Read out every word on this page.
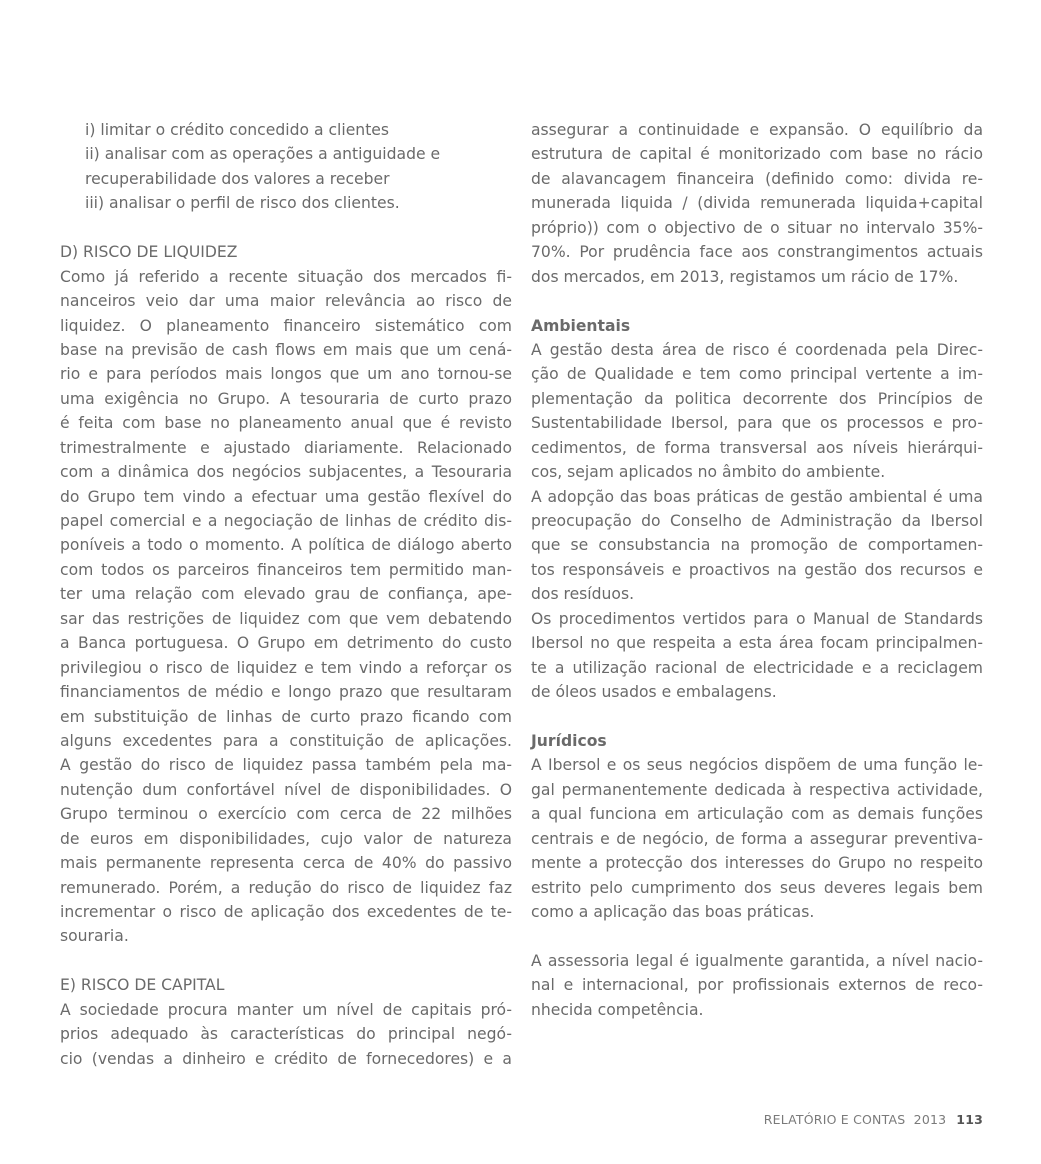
i) limitar o crédito concedido a clientes
ii) analisar com as operações a antiguidade e
recuperabilidade dos valores a receber
iii) analisar o perfil de risco dos clientes.
D) RISCO DE LIQUIDEZ
Como já referido a recente situação dos mercados fi-
nanceiros veio dar uma maior relevância ao risco de
liquidez. O planeamento financeiro sistemático com
base na previsão de cash flows em mais que um cená-
rio e para períodos mais longos que um ano tornou-se
uma exigência no Grupo. A tesouraria de curto prazo
é feita com base no planeamento anual que é revisto
trimestralmente e ajustado diariamente. Relacionado
com a dinâmica dos negócios subjacentes, a Tesouraria
do Grupo tem vindo a efectuar uma gestão flexível do
papel comercial e a negociação de linhas de crédito dis-
poníveis a todo o momento. A política de diálogo aberto
com todos os parceiros financeiros tem permitido man-
ter uma relação com elevado grau de confiança, ape-
sar das restrições de liquidez com que vem debatendo
a Banca portuguesa. O Grupo em detrimento do custo
privilegiou o risco de liquidez e tem vindo a reforçar os
financiamentos de médio e longo prazo que resultaram
em substituição de linhas de curto prazo ficando com
alguns excedentes para a constituição de aplicações.
A gestão do risco de liquidez passa também pela ma-
nutenção dum confortável nível de disponibilidades. O
Grupo terminou o exercício com cerca de 22 milhões
de euros em disponibilidades, cujo valor de natureza
mais permanente representa cerca de 40% do passivo
remunerado. Porém, a redução do risco de liquidez faz
incrementar o risco de aplicação dos excedentes de te-
souraria.
E) RISCO DE CAPITAL
A sociedade procura manter um nível de capitais pró-
prios adequado às características do principal negó-
cio (vendas a dinheiro e crédito de fornecedores) e a
assegurar a continuidade e expansão. O equilíbrio da
estrutura de capital é monitorizado com base no rácio
de alavancagem financeira (definido como: divida re-
munerada liquida / (divida remunerada liquida+capital
próprio)) com o objectivo de o situar no intervalo 35%-
70%. Por prudência face aos constrangimentos actuais
dos mercados, em 2013, registamos um rácio de 17%.
Ambientais
A gestão desta área de risco é coordenada pela Direc-
ção de Qualidade e tem como principal vertente a im-
plementação da politica decorrente dos Princípios de
Sustentabilidade Ibersol, para que os processos e pro-
cedimentos, de forma transversal aos níveis hierárqui-
cos, sejam aplicados no âmbito do ambiente.
A adopção das boas práticas de gestão ambiental é uma
preocupação do Conselho de Administração da Ibersol
que se consubstancia na promoção de comportamen-
tos responsáveis e proactivos na gestão dos recursos e
dos resíduos.
Os procedimentos vertidos para o Manual de Standards
Ibersol no que respeita a esta área focam principalmen-
te a utilização racional de electricidade e a reciclagem
de óleos usados e embalagens.
Jurídicos
A Ibersol e os seus negócios dispõem de uma função le-
gal permanentemente dedicada à respectiva actividade,
a qual funciona em articulação com as demais funções
centrais e de negócio, de forma a assegurar preventiva-
mente a protecção dos interesses do Grupo no respeito
estrito pelo cumprimento dos seus deveres legais bem
como a aplicação das boas práticas.
A assessoria legal é igualmente garantida, a nível nacio-
nal e internacional, por profissionais externos de reco-
nhecida competência.
RELATÓRIO E CONTAS  2013 113
